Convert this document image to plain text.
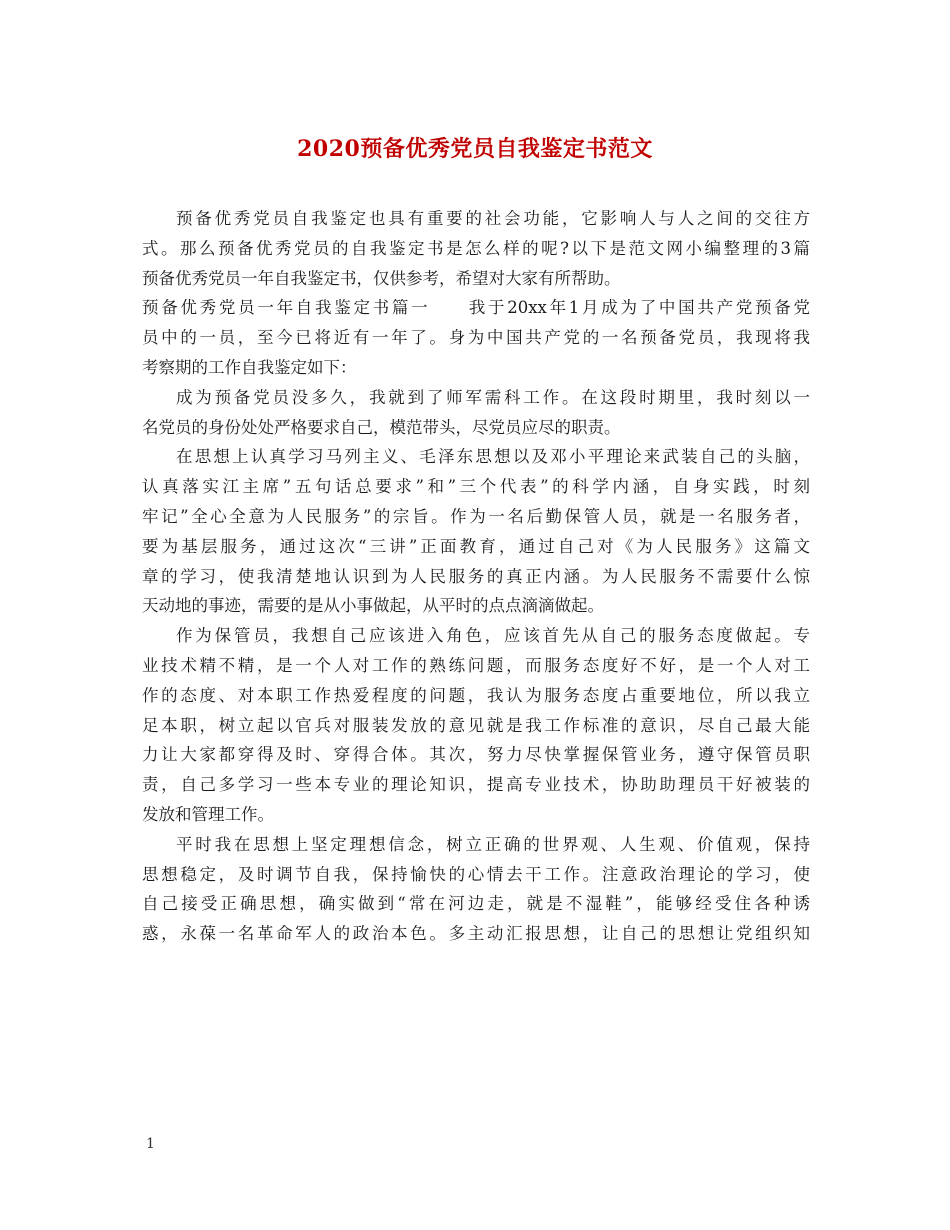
2020预备优秀党员自我鉴定书范文
预备优秀党员自我鉴定也具有重要的社会功能，它影响人与人之间的交往方
式。那么预备优秀党员的自我鉴定书是怎么样的呢?以下是范文网小编整理的3篇
预备优秀党员一年自我鉴定书，仅供参考，希望对大家有所帮助。
预备优秀党员一年自我鉴定书篇一　　我于20xx年1月成为了中国共产党预备党
员中的一员，至今已将近有一年了。身为中国共产党的一名预备党员，我现将我
考察期的工作自我鉴定如下：
成为预备党员没多久，我就到了师军需科工作。在这段时期里，我时刻以一
名党员的身份处处严格要求自己，模范带头，尽党员应尽的职责。
在思想上认真学习马列主义、毛泽东思想以及邓小平理论来武装自己的头脑，
认真落实江主席”五句话总要求”和”三个代表”的科学内涵，自身实践，时刻
牢记”全心全意为人民服务”的宗旨。作为一名后勤保管人员，就是一名服务者，
要为基层服务，通过这次“三讲”正面教育，通过自己对《为人民服务》这篇文
章的学习，使我清楚地认识到为人民服务的真正内涵。为人民服务不需要什么惊
天动地的事迹，需要的是从小事做起，从平时的点点滴滴做起。
作为保管员，我想自己应该进入角色，应该首先从自己的服务态度做起。专
业技术精不精，是一个人对工作的熟练问题，而服务态度好不好，是一个人对工
作的态度、对本职工作热爱程度的问题，我认为服务态度占重要地位，所以我立
足本职，树立起以官兵对服装发放的意见就是我工作标准的意识，尽自己最大能
力让大家都穿得及时、穿得合体。其次，努力尽快掌握保管业务，遵守保管员职
责，自己多学习一些本专业的理论知识，提高专业技术，协助助理员干好被装的
发放和管理工作。
平时我在思想上坚定理想信念，树立正确的世界观、人生观、价值观，保持
思想稳定，及时调节自我，保持愉快的心情去干工作。注意政治理论的学习，使
自己接受正确思想，确实做到“常在河边走，就是不湿鞋”，能够经受住各种诱
惑，永葆一名革命军人的政治本色。多主动汇报思想，让自己的思想让党组织知
1
